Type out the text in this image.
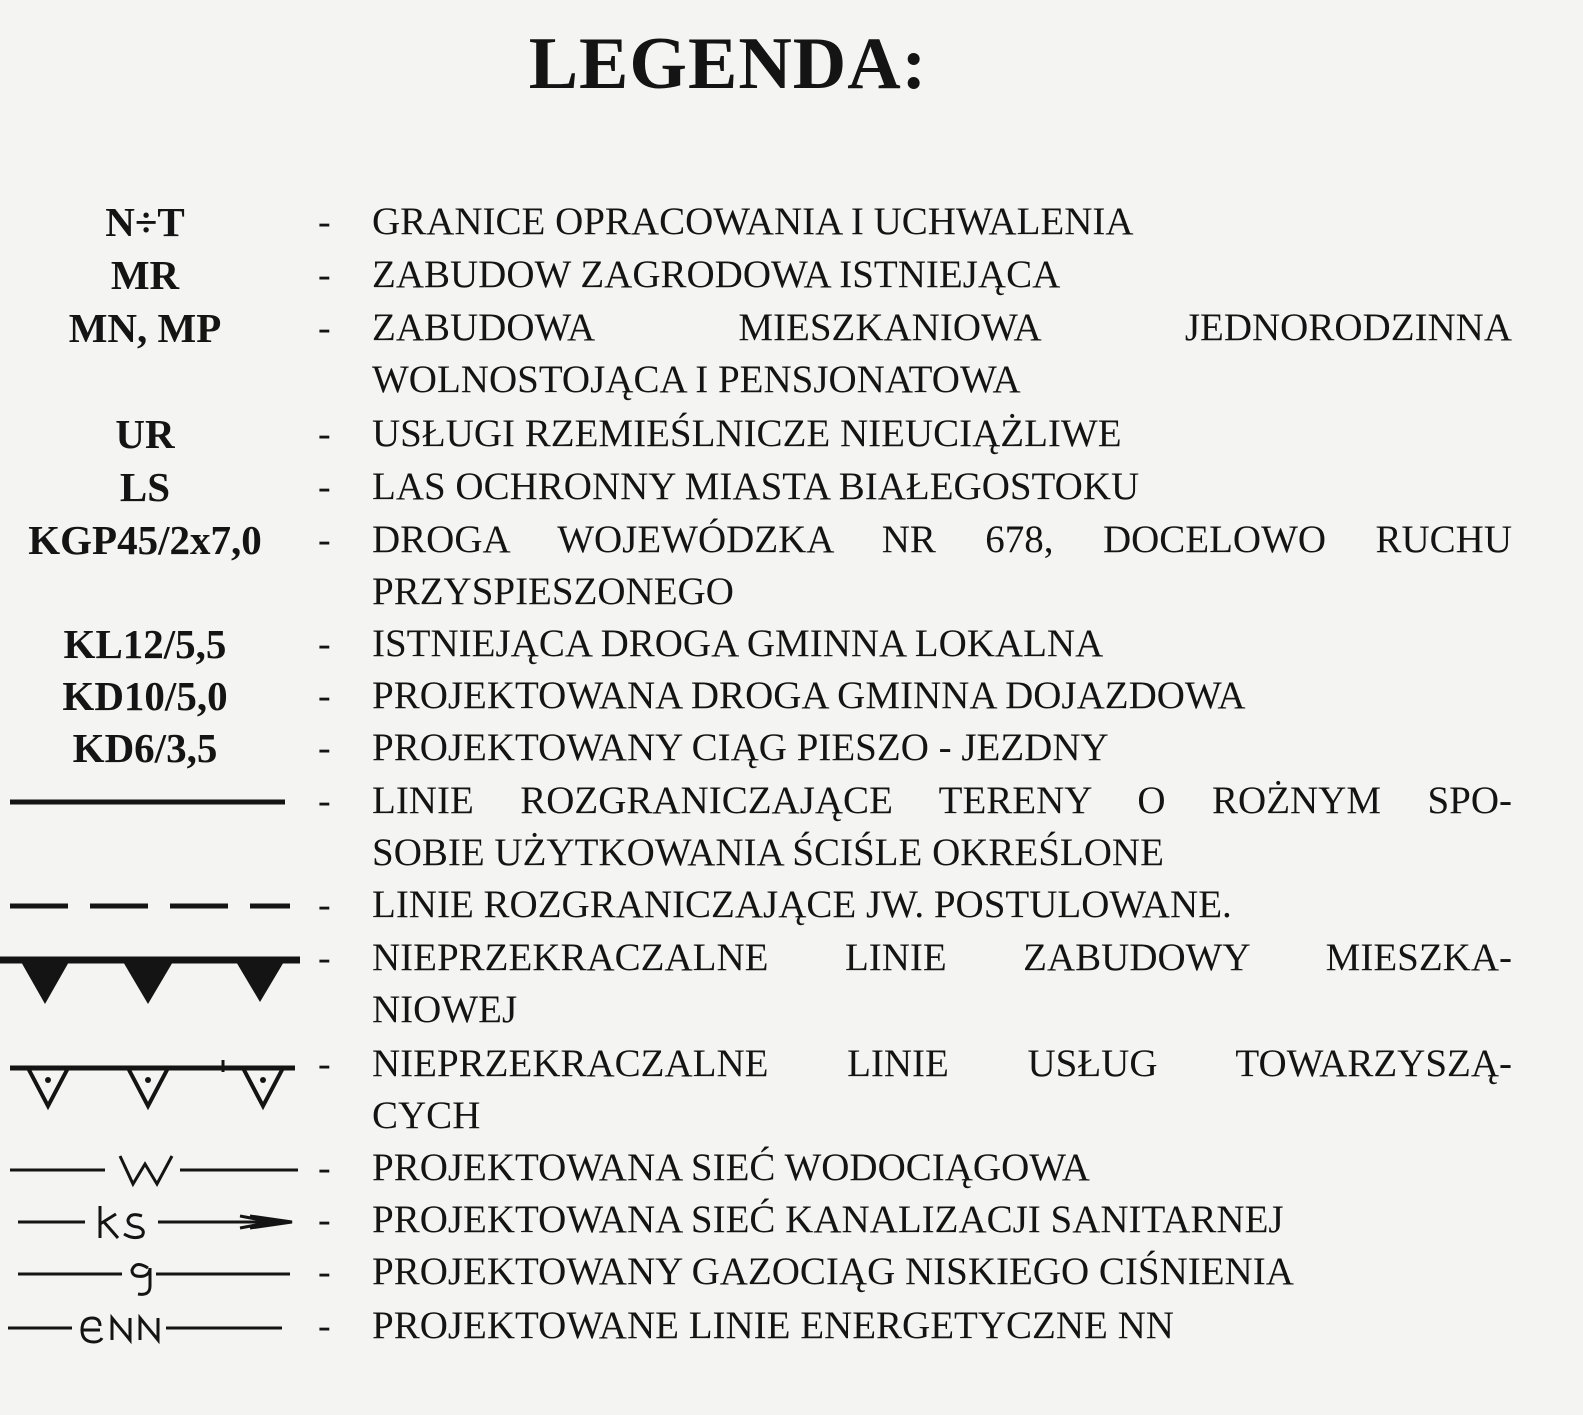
LEGENDA:
N÷T	- GRANICE OPRACOWANIA I UCHWALENIA
MR	- ZABUDOW ZAGRODOWA ISTNIEJĄCA
MN, MP	- ZABUDOWA MIESZKANIOWA JEDNORODZINNA
WOLNOSTOJĄCA I PENSJONATOWA
UR	- USŁUGI RZEMIEŚLNICZE NIEUCIĄŻLIWE
LS	- LAS OCHRONNY MIASTA BIAŁEGOSTOKU
KGP45/2x7,0	- DROGA WOJEWÓDZKA NR 678, DOCELOWO RUCHU
PRZYSPIESZONEGO
KL12/5,5	- ISTNIEJĄCA DROGA GMINNA LOKALNA
KD10/5,0	- PROJEKTOWANA DROGA GMINNA DOJAZDOWA
KD6/3,5	- PROJEKTOWANY CIĄG PIESZO - JEZDNY
- LINIE ROZGRANICZAJĄCE TERENY O ROŻNYM SPO-
SOBIE UŻYTKOWANIA ŚCIŚLE OKREŚLONE
- LINIE ROZGRANICZAJĄCE JW. POSTULOWANE.
- NIEPRZEKRACZALNE LINIE ZABUDOWY MIESZKA-
NIOWEJ
- NIEPRZEKRACZALNE LINIE USŁUG TOWARZYSZĄ-
CYCH
- PROJEKTOWANA SIEĆ WODOCIĄGOWA
- PROJEKTOWANA SIEĆ KANALIZACJI SANITARNEJ
- PROJEKTOWANY GAZOCIĄG NISKIEGO CIŚNIENIA
- PROJEKTOWANE LINIE ENERGETYCZNE NN
